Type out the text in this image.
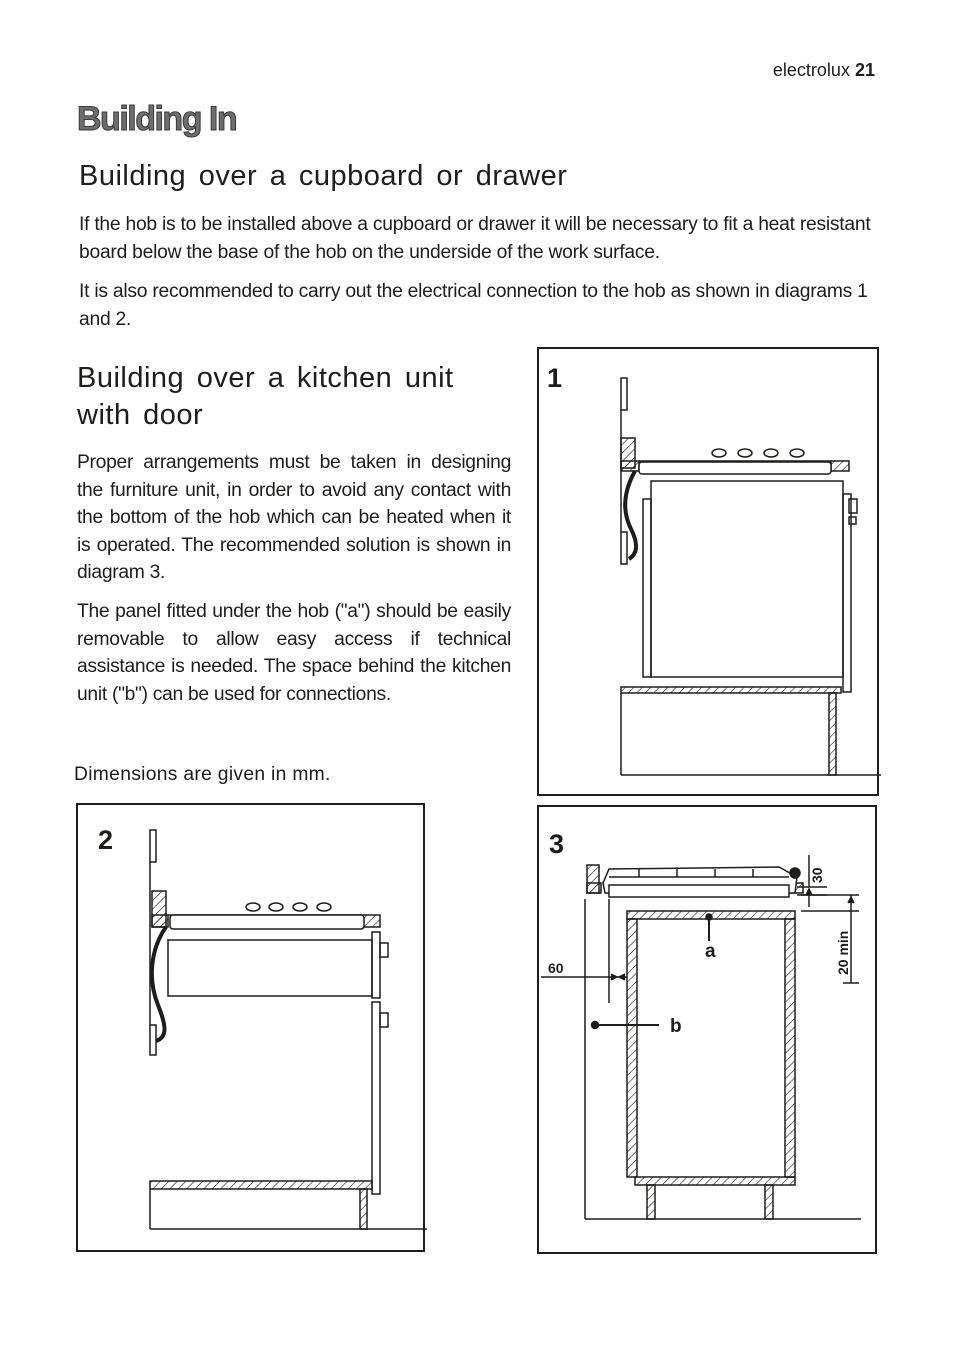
electrolux 21
Building In
Building over a cupboard or drawer
If the hob is to be installed above a cupboard or drawer it will be necessary to fit a heat resistant board below the base of the hob on the underside of the work surface.
It is also recommended to carry out the electrical connection to the hob as shown in diagrams 1 and 2.
Building over a kitchen unit
with door
Proper arrangements must be taken in designing the furniture unit, in order to avoid any contact with the bottom of the hob which can be heated when it is operated. The recommended solution is shown in diagram 3.
The panel fitted under the hob ("a") should be easily removable to allow easy access if technical assistance is needed. The space behind the kitchen unit ("b") can be used for connections.
Dimensions are given in mm.
1
2	3
a
b
60
30
20 min
